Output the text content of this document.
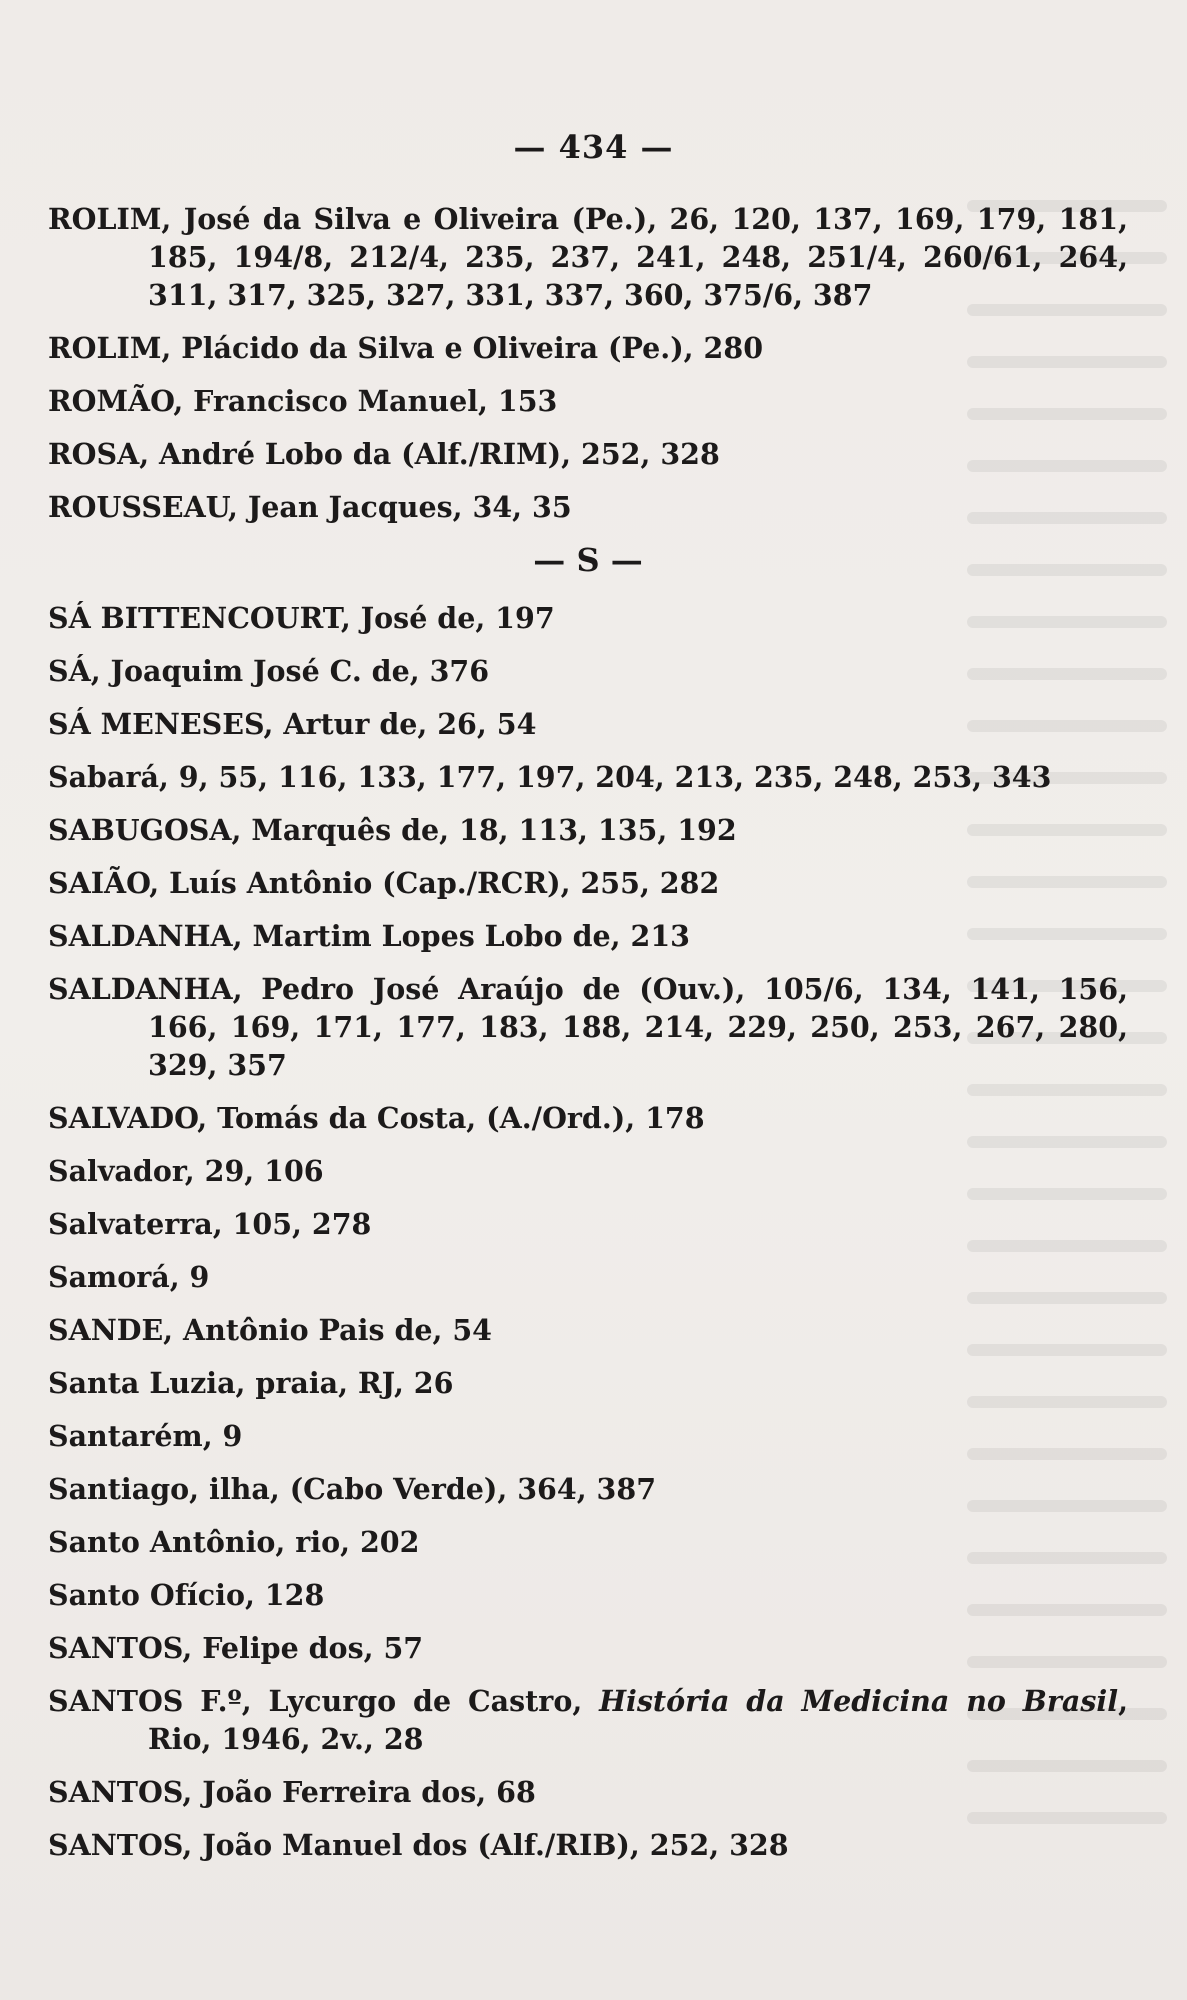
— 434 —

ROLIM, José da Silva e Oliveira (Pe.), 26, 120, 137, 169, 179, 181, 185, 194/8, 212/4, 235, 237, 241, 248, 251/4, 260/61, 264, 311, 317, 325, 327, 331, 337, 360, 375/6, 387

ROLIM, Plácido da Silva e Oliveira (Pe.), 280

ROMÃO, Francisco Manuel, 153

ROSA, André Lobo da (Alf./RIM), 252, 328

ROUSSEAU, Jean Jacques, 34, 35

— S —

SÁ BITTENCOURT, José de, 197

SÁ, Joaquim José C. de, 376

SÁ MENESES, Artur de, 26, 54

Sabará, 9, 55, 116, 133, 177, 197, 204, 213, 235, 248, 253, 343

SABUGOSA, Marquês de, 18, 113, 135, 192

SAIÃO, Luís Antônio (Cap./RCR), 255, 282

SALDANHA, Martim Lopes Lobo de, 213

SALDANHA, Pedro José Araújo de (Ouv.), 105/6, 134, 141, 156, 166, 169, 171, 177, 183, 188, 214, 229, 250, 253, 267, 280, 329, 357

SALVADO, Tomás da Costa, (A./Ord.), 178

Salvador, 29, 106

Salvaterra, 105, 278

Samorá, 9

SANDE, Antônio Pais de, 54

Santa Luzia, praia, RJ, 26

Santarém, 9

Santiago, ilha, (Cabo Verde), 364, 387

Santo Antônio, rio, 202

Santo Ofício, 128

SANTOS, Felipe dos, 57

SANTOS F.º, Lycurgo de Castro, História da Medicina no Brasil, Rio, 1946, 2v., 28

SANTOS, João Ferreira dos, 68

SANTOS, João Manuel dos (Alf./RIB), 252, 328
